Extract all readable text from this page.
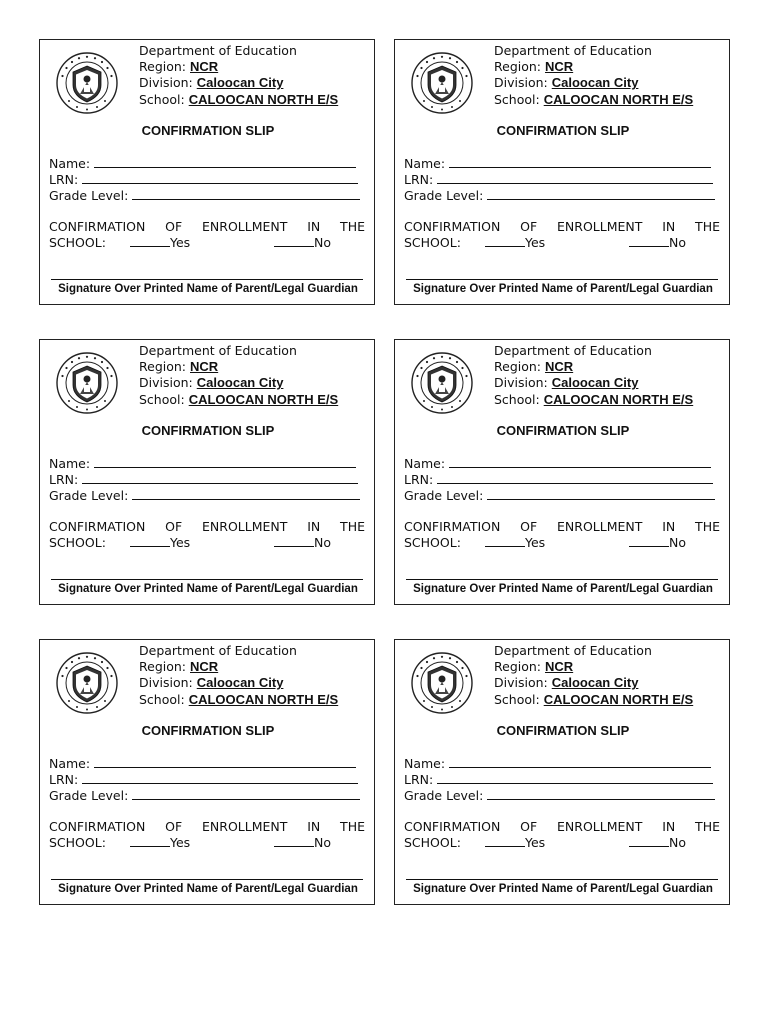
Department of Education
Region: NCR
Division: Caloocan City
School: CALOOCAN NORTH E/S
CONFIRMATION SLIP
Name:
LRN:
Grade Level:
CONFIRMATION OF ENROLLMENT IN THE
SCHOOL:	Yes	No
Signature Over Printed Name of Parent/Legal Guardian
Department of Education
Region: NCR
Division: Caloocan City
School: CALOOCAN NORTH E/S
CONFIRMATION SLIP
Name:
LRN:
Grade Level:
CONFIRMATION OF ENROLLMENT IN THE
SCHOOL:	Yes	No
Signature Over Printed Name of Parent/Legal Guardian
Department of Education
Region: NCR
Division: Caloocan City
School: CALOOCAN NORTH E/S
CONFIRMATION SLIP
Name:
LRN:
Grade Level:
CONFIRMATION OF ENROLLMENT IN THE
SCHOOL:	Yes	No
Signature Over Printed Name of Parent/Legal Guardian
Department of Education
Region: NCR
Division: Caloocan City
School: CALOOCAN NORTH E/S
CONFIRMATION SLIP
Name:
LRN:
Grade Level:
CONFIRMATION OF ENROLLMENT IN THE
SCHOOL:	Yes	No
Signature Over Printed Name of Parent/Legal Guardian
Department of Education
Region: NCR
Division: Caloocan City
School: CALOOCAN NORTH E/S
CONFIRMATION SLIP
Name:
LRN:
Grade Level:
CONFIRMATION OF ENROLLMENT IN THE
SCHOOL:	Yes	No
Signature Over Printed Name of Parent/Legal Guardian
Department of Education
Region: NCR
Division: Caloocan City
School: CALOOCAN NORTH E/S
CONFIRMATION SLIP
Name:
LRN:
Grade Level:
CONFIRMATION OF ENROLLMENT IN THE
SCHOOL:	Yes	No
Signature Over Printed Name of Parent/Legal Guardian
